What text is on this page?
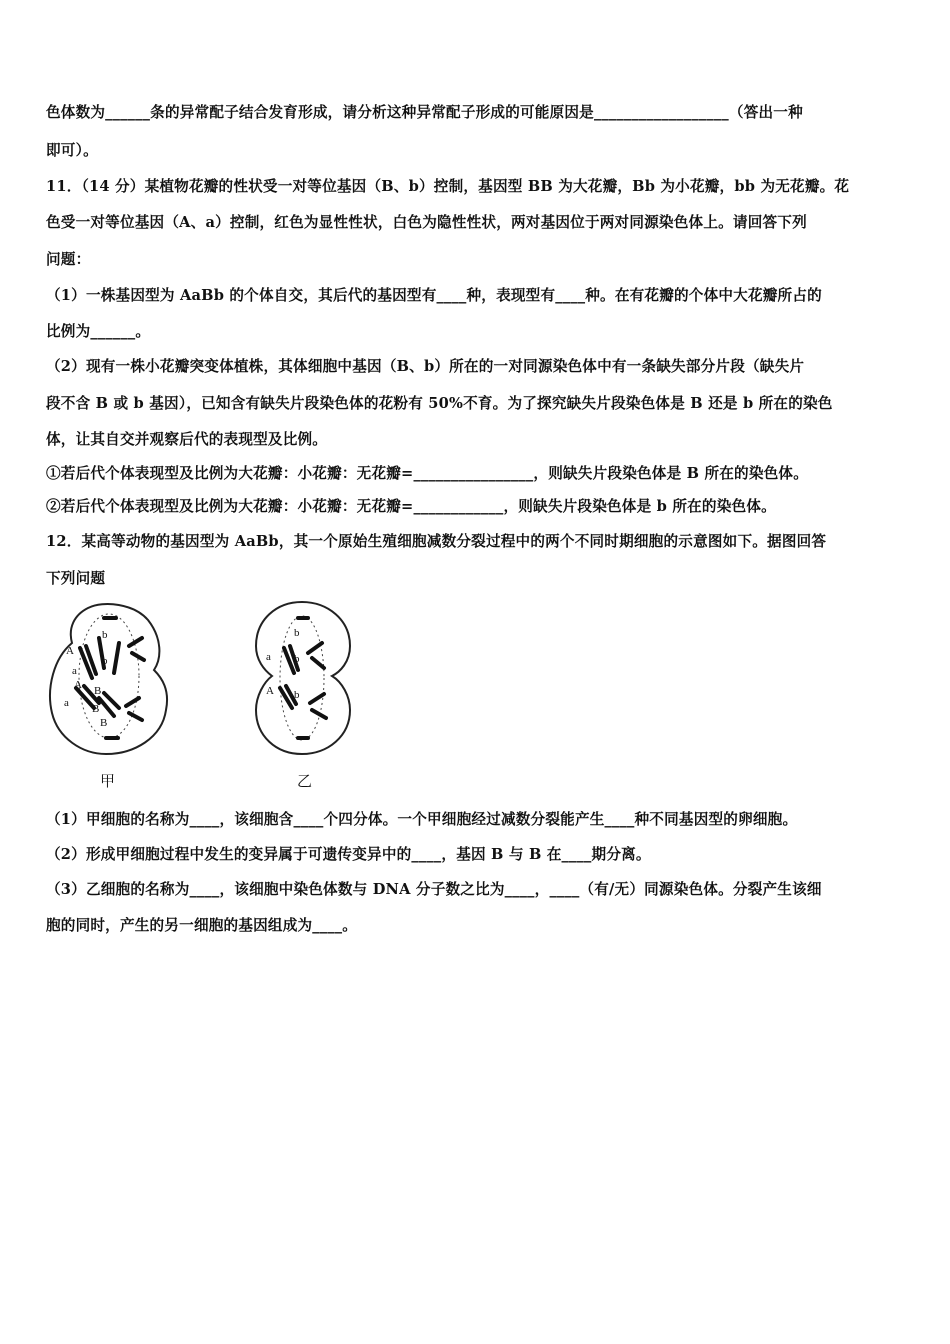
色体数为______条的异常配子结合发育形成，请分析这种异常配子形成的可能原因是__________________（答出一种
即可）。
11．（14 分）某植物花瓣的性状受一对等位基因（B、b）控制，基因型 BB 为大花瓣，Bb 为小花瓣，bb 为无花瓣。花
色受一对等位基因（A、a）控制，红色为显性性状，白色为隐性性状，两对基因位于两对同源染色体上。请回答下列
问题：
（1）一株基因型为 AaBb 的个体自交，其后代的基因型有____种，表现型有____种。在有花瓣的个体中大花瓣所占的
比例为______。
（2）现有一株小花瓣突变体植株，其体细胞中基因（B、b）所在的一对同源染色体中有一条缺失部分片段（缺失片
段不含 B 或 b 基因），已知含有缺失片段染色体的花粉有 50%不育。为了探究缺失片段染色体是 B 还是 b 所在的染色
体，让其自交并观察后代的表现型及比例。
①若后代个体表现型及比例为大花瓣：小花瓣：无花瓣=________________，则缺失片段染色体是 B 所在的染色体。
②若后代个体表现型及比例为大花瓣：小花瓣：无花瓣=____________，则缺失片段染色体是 b 所在的染色体。
12．某高等动物的基因型为 AaBb，其一个原始生殖细胞减数分裂过程中的两个不同时期细胞的示意图如下。据图回答
下列问题
A
b
b
a
A B
a B
B
甲
b
a b
A b
乙
（1）甲细胞的名称为____，该细胞含____个四分体。一个甲细胞经过减数分裂能产生____种不同基因型的卵细胞。
（2）形成甲细胞过程中发生的变异属于可遗传变异中的____，基因 B 与 B 在____期分离。
（3）乙细胞的名称为____，该细胞中染色体数与 DNA 分子数之比为____，____（有/无）同源染色体。分裂产生该细
胞的同时，产生的另一细胞的基因组成为____。
